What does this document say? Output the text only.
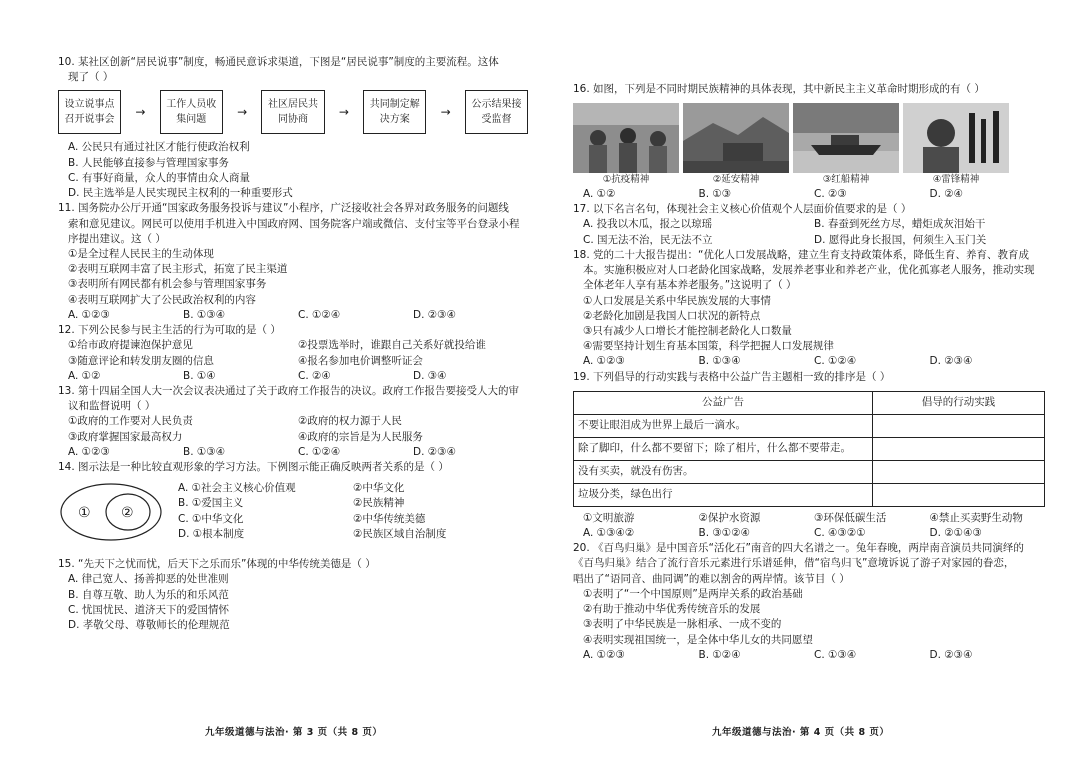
10. 某社区创新“居民说事”制度，畅通民意诉求渠道，下图是“居民说事”制度的主要流程。这体

现了（ ）

设立说事点召开说事会
→	工作人员收集问题
→	社区居民共同协商
→	共同制定解决方案
→	公示结果接受监督

A. 公民只有通过社区才能行使政治权利

B. 人民能够直接参与管理国家事务

C. 有事好商量，众人的事情由众人商量

D. 民主选举是人民实现民主权利的一种重要形式

11. 国务院办公厅开通“国家政务服务投诉与建议”小程序，广泛接收社会各界对政务服务的问题线

索和意见建议。网民可以使用手机进入中国政府网、国务院客户端或微信、支付宝等平台登录小程

序提出建议。这（ ）

①是全过程人民民主的生动体现

②表明互联网丰富了民主形式，拓宽了民主渠道

③表明所有网民都有机会参与管理国家事务

④表明互联网扩大了公民政治权利的内容

A. ①②③	B. ①③④	C. ①②④	D. ②③④

12. 下列公民参与民主生活的行为可取的是（ ）

①给市政府提谏泡保护意见	②投票选举时，谁跟自己关系好就投给谁
③随意评论和转发朋友圈的信息	④报名参加电价调整听证会
A. ①②	B. ①④	C. ②④	D. ③④

13. 第十四届全国人大一次会议表决通过了关于政府工作报告的决议。政府工作报告要接受人大的审

议和监督说明（ ）

①政府的工作要对人民负责	②政府的权力源于人民
③政府掌握国家最高权力	④政府的宗旨是为人民服务
A. ①②③	B. ①③④	C. ①②④	D. ②③④

14. 图示法是一种比较直观形象的学习方法。下例图示能正确反映两者关系的是（ ）

① ②
A. ①社会主义核心价值观	②中华文化
B. ①爱国主义	②民族精神
C. ①中华文化	②中华传统美德
D. ①根本制度	②民族区域自治制度

15. “先天下之忧而忧，后天下之乐而乐”体现的中华传统美德是（ ）

A. 律己宽人、扬善抑恶的处世准则

B. 自尊互敬、助人为乐的和乐风范

C. 忧国忧民、道济天下的爱国情怀

D. 孝敬父母、尊敬师长的伦理规范

九年级道德与法治· 第 3 页（共 8 页）

16. 如图，下列是不同时期民族精神的具体表现，其中新民主主义革命时期形成的有（ ）

①抗疫精神	②延安精神	③红船精神	④雷锋精神
A. ①②	B. ①③	C. ②③	D. ②④

17. 以下名言名句，体现社会主义核心价值观个人层面价值要求的是（ ）

A. 投我以木瓜，报之以琼瑶	B. 春蚕到死丝方尽，蜡炬成灰泪始干
C. 国无法不治，民无法不立	D. 愿得此身长报国，何须生入玉门关

18. 党的二十大报告提出：“优化人口发展战略，建立生育支持政策体系，降低生育、养育、教育成

本。实施积极应对人口老龄化国家战略，发展养老事业和养老产业，优化孤寡老人服务，推动实现

全体老年人享有基本养老服务。”这说明了（ ）

①人口发展是关系中华民族发展的大事情

②老龄化加剧是我国人口状况的新特点

③只有减少人口增长才能控制老龄化人口数量

④需要坚持计划生育基本国策，科学把握人口发展规律

A. ①②③	B. ①③④	C. ①②④	D. ②③④

19. 下列倡导的行动实践与表格中公益广告主题相一致的排序是（ ）

公益广告	倡导的行动实践
不要让眼泪成为世界上最后一滴水。	
除了脚印，什么都不要留下；除了相片，什么都不要带走。	
没有买卖，就没有伤害。	
垃圾分类，绿色出行	
①文明旅游	②保护水资源	③环保低碳生活	④禁止买卖野生动物
A. ①③④②	B. ③①②④	C. ④③②①	D. ②①④③

20. 《百鸟归巢》是中国音乐“活化石”南音的四大名谱之一。兔年春晚，两岸南音演员共同演绎的

《百鸟归巢》结合了流行音乐元素进行乐谱延伸，借“宿鸟归飞”意境诉说了游子对家园的眷恋，

唱出了“语同音、曲同调”的难以割舍的两岸情。该节目（ ）

①表明了“一个中国原则”是两岸关系的政治基础

②有助于推动中华优秀传统音乐的发展

③表明了中华民族是一脉相承、一成不变的

④表明实现祖国统一，是全体中华儿女的共同愿望

A. ①②③	B. ①②④	C. ①③④	D. ②③④
九年级道德与法治· 第 4 页（共 8 页）
